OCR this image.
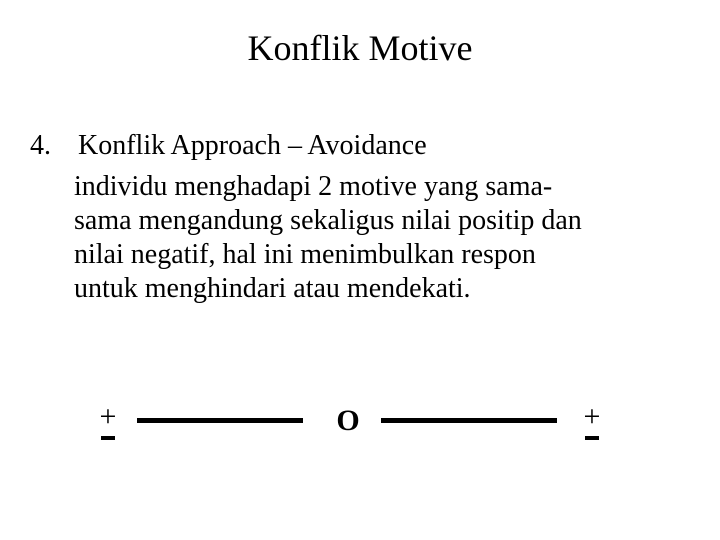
Konflik Motive
4. Konflik Approach – Avoidance
individu menghadapi 2 motive yang sama-
sama mengandung sekaligus nilai positip dan
nilai negatif, hal ini menimbulkan respon
untuk menghindari atau mendekati.
+	O	+
